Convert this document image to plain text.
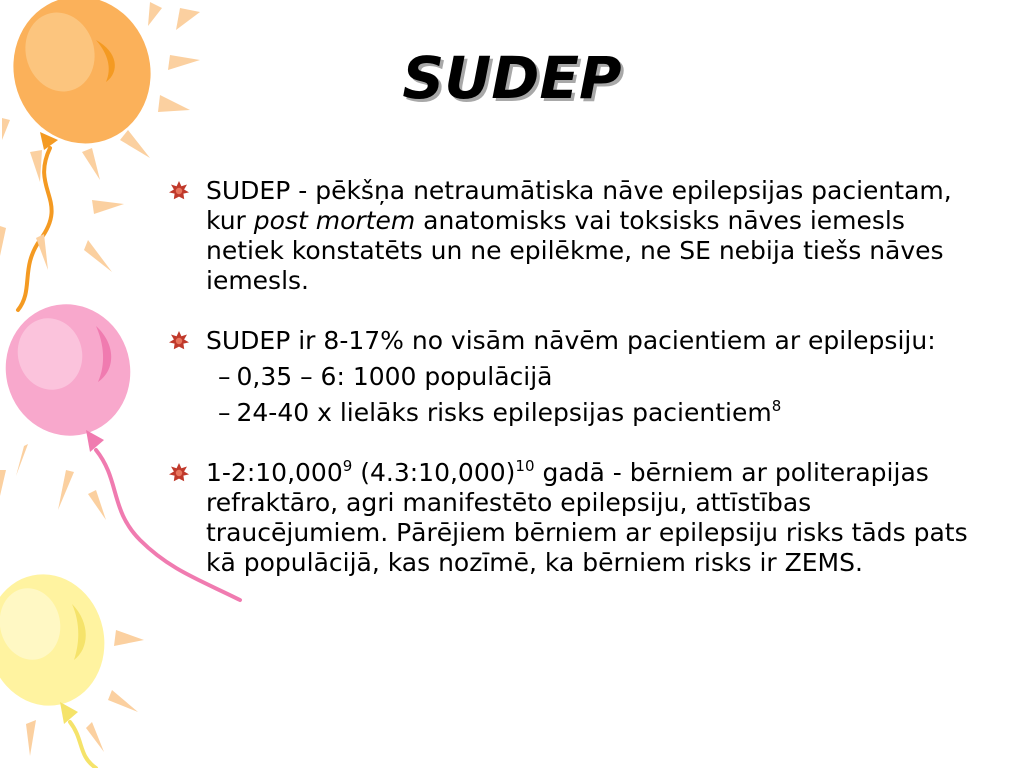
SUDEP
SUDEP - pēkšņa netraumātiska nāve epilepsijas pacientam, kur post mortem anatomisks vai toksisks nāves iemesls netiek konstatēts un ne epilēkme, ne SE nebija tiešs nāves iemesls.
SUDEP ir 8-17% no visām nāvēm pacientiem ar epilepsiju:
– 0,35 – 6: 1000 populācijā
– 24-40 x lielāks risks epilepsijas pacientiem$^8$
1-2:10,000$^9$ (4.3:10,000)$^{10}$ gadā - bērniem ar politerapijas refraktāro, agri manifestēto epilepsiju, attīstības traucējumiem. Pārējiem bērniem ar epilepsiju risks tāds pats kā populācijā, kas nozīmē, ka bērniem risks ir ZEMS.
